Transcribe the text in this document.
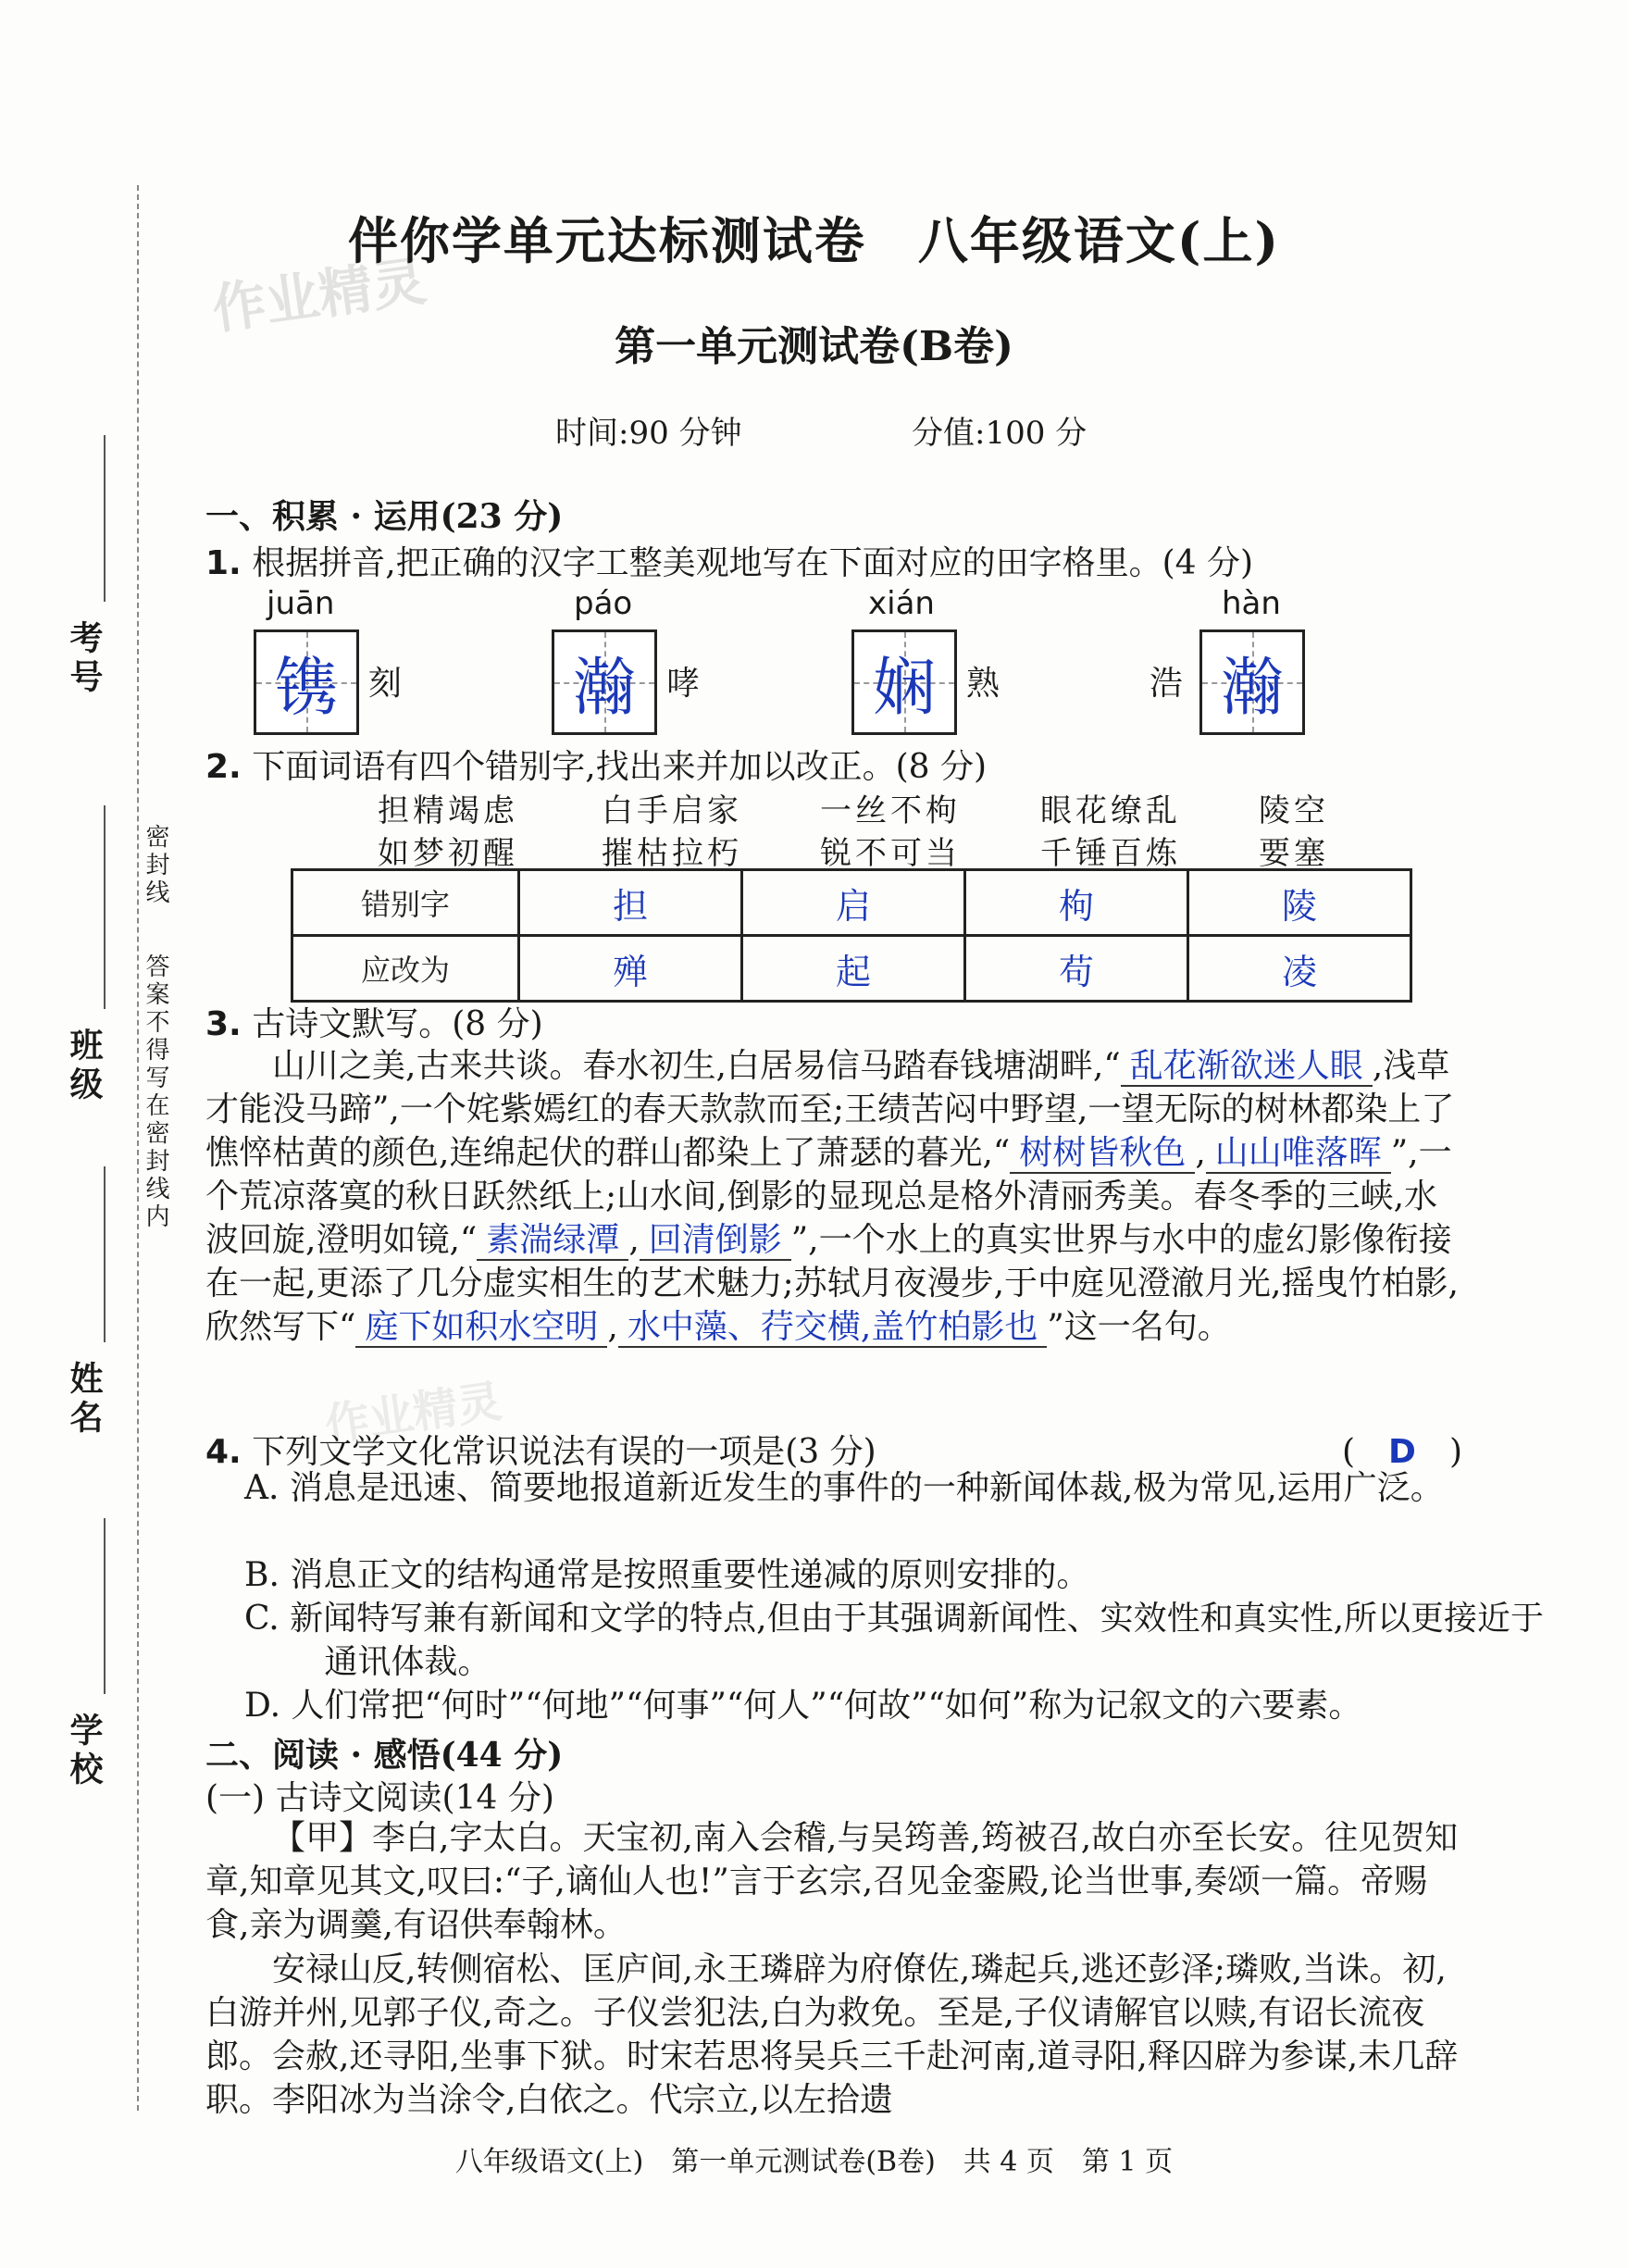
考号
班级
姓名
学校
密封线
答案不得写在密封线内
作业精灵
作业精灵
伴你学单元达标测试卷　八年级语文(上)
第一单元测试卷(B卷)
时间:90 分钟	分值:100 分
一、积累 · 运用(23 分)
1. 根据拼音,把正确的汉字工整美观地写在下面对应的田字格里。(4 分)
juān
镌 刻
páo
瀚 哮
xián
娴 熟	浩
hàn
瀚
2. 下面词语有四个错别字,找出来并加以改正。(8 分)
担精竭虑	白手启家 一丝不枸	眼花缭乱 陵空
如梦初醒	摧枯拉朽 锐不可当	千锤百炼 要塞
错别字	担	启	枸	陵
应改为	殚	起	苟	凌
3. 古诗文默写。(8 分)
山川之美,古来共谈。春水初生,白居易信马踏春钱塘湖畔,“ 乱花渐欲迷人眼 ,浅草才能没马蹄”,一个姹紫嫣红的春天款款而至;王绩苦闷中野望,一望无际的树林都染上了憔悴枯黄的颜色,连绵起伏的群山都染上了萧瑟的暮光,“ 树树皆秋色 , 山山唯落晖 ”,一个荒凉落寞的秋日跃然纸上;山水间,倒影的显现总是格外清丽秀美。春冬季的三峡,水波回旋,澄明如镜,“ 素湍绿潭 , 回清倒影 ”,一个水上的真实世界与水中的虚幻影像衔接在一起,更添了几分虚实相生的艺术魅力;苏轼月夜漫步,于中庭见澄澈月光,摇曳竹柏影,欣然写下“ 庭下如积水空明 , 水中藻、荇交横,盖竹柏影也 ”这一名句。
4. 下列文学文化常识说法有误的一项是(3 分)	(　D　)
A. 消息是迅速、简要地报道新近发生的事件的一种新闻体裁,极为常见,运用广泛。
B. 消息正文的结构通常是按照重要性递减的原则安排的。
C. 新闻特写兼有新闻和文学的特点,但由于其强调新闻性、实效性和真实性,所以更接近于通讯体裁。
D. 人们常把“何时”“何地”“何事”“何人”“何故”“如何”称为记叙文的六要素。
二、阅读 · 感悟(44 分)
(一) 古诗文阅读(14 分)
【甲】李白,字太白。天宝初,南入会稽,与吴筠善,筠被召,故白亦至长安。往见贺知章,知章见其文,叹曰:“子,谪仙人也!”言于玄宗,召见金銮殿,论当世事,奏颂一篇。帝赐食,亲为调羹,有诏供奉翰林。
安禄山反,转侧宿松、匡庐间,永王璘辟为府僚佐,璘起兵,逃还彭泽;璘败,当诛。初,白游并州,见郭子仪,奇之。子仪尝犯法,白为救免。至是,子仪请解官以赎,有诏长流夜郎。会赦,还寻阳,坐事下狱。时宋若思将吴兵三千赴河南,道寻阳,释囚辟为参谋,未几辞职。李阳冰为当涂令,白依之。代宗立,以左拾遗
八年级语文(上)　第一单元测试卷(B卷)　共 4 页　第 1 页
